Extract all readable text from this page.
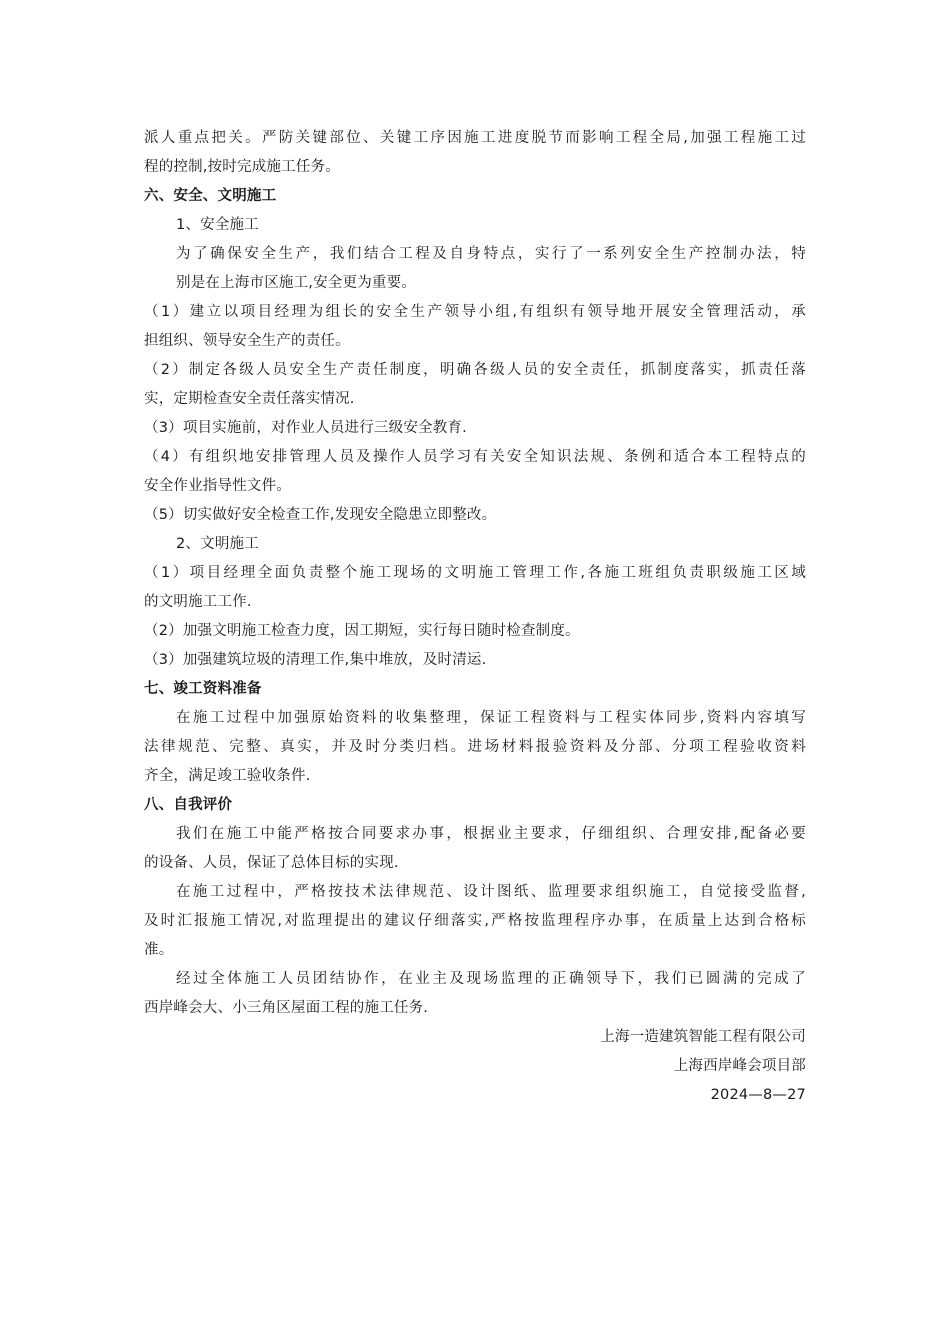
派人重点把关。严防关键部位、关键工序因施工进度脱节而影响工程全局,加强工程施工过
程的控制,按时完成施工任务。
六、安全、文明施工
1、安全施工
为了确保安全生产，我们结合工程及自身特点，实行了一系列安全生产控制办法，特
别是在上海市区施工,安全更为重要。
（1）建立以项目经理为组长的安全生产领导小组,有组织有领导地开展安全管理活动，承
担组织、领导安全生产的责任。
（2）制定各级人员安全生产责任制度，明确各级人员的安全责任，抓制度落实，抓责任落
实，定期检查安全责任落实情况.
（3）项目实施前，对作业人员进行三级安全教育.
（4）有组织地安排管理人员及操作人员学习有关安全知识法规、条例和适合本工程特点的
安全作业指导性文件。
（5）切实做好安全检查工作,发现安全隐患立即整改。
2、文明施工
（1）项目经理全面负责整个施工现场的文明施工管理工作,各施工班组负责职级施工区域
的文明施工工作.
（2）加强文明施工检查力度，因工期短，实行每日随时检查制度。
（3）加强建筑垃圾的清理工作,集中堆放，及时清运.
七、竣工资料准备
在施工过程中加强原始资料的收集整理，保证工程资料与工程实体同步,资料内容填写
法律规范、完整、真实，并及时分类归档。进场材料报验资料及分部、分项工程验收资料
齐全，满足竣工验收条件.
八、自我评价
我们在施工中能严格按合同要求办事，根据业主要求，仔细组织、合理安排,配备必要
的设备、人员，保证了总体目标的实现.
在施工过程中，严格按技术法律规范、设计图纸、监理要求组织施工，自觉接受监督,
及时汇报施工情况,对监理提出的建议仔细落实,严格按监理程序办事，在质量上达到合格标
准。
经过全体施工人员团结协作，在业主及现场监理的正确领导下，我们已圆满的完成了
西岸峰会大、小三角区屋面工程的施工任务.
上海一造建筑智能工程有限公司
上海西岸峰会项目部
2024—8—27
